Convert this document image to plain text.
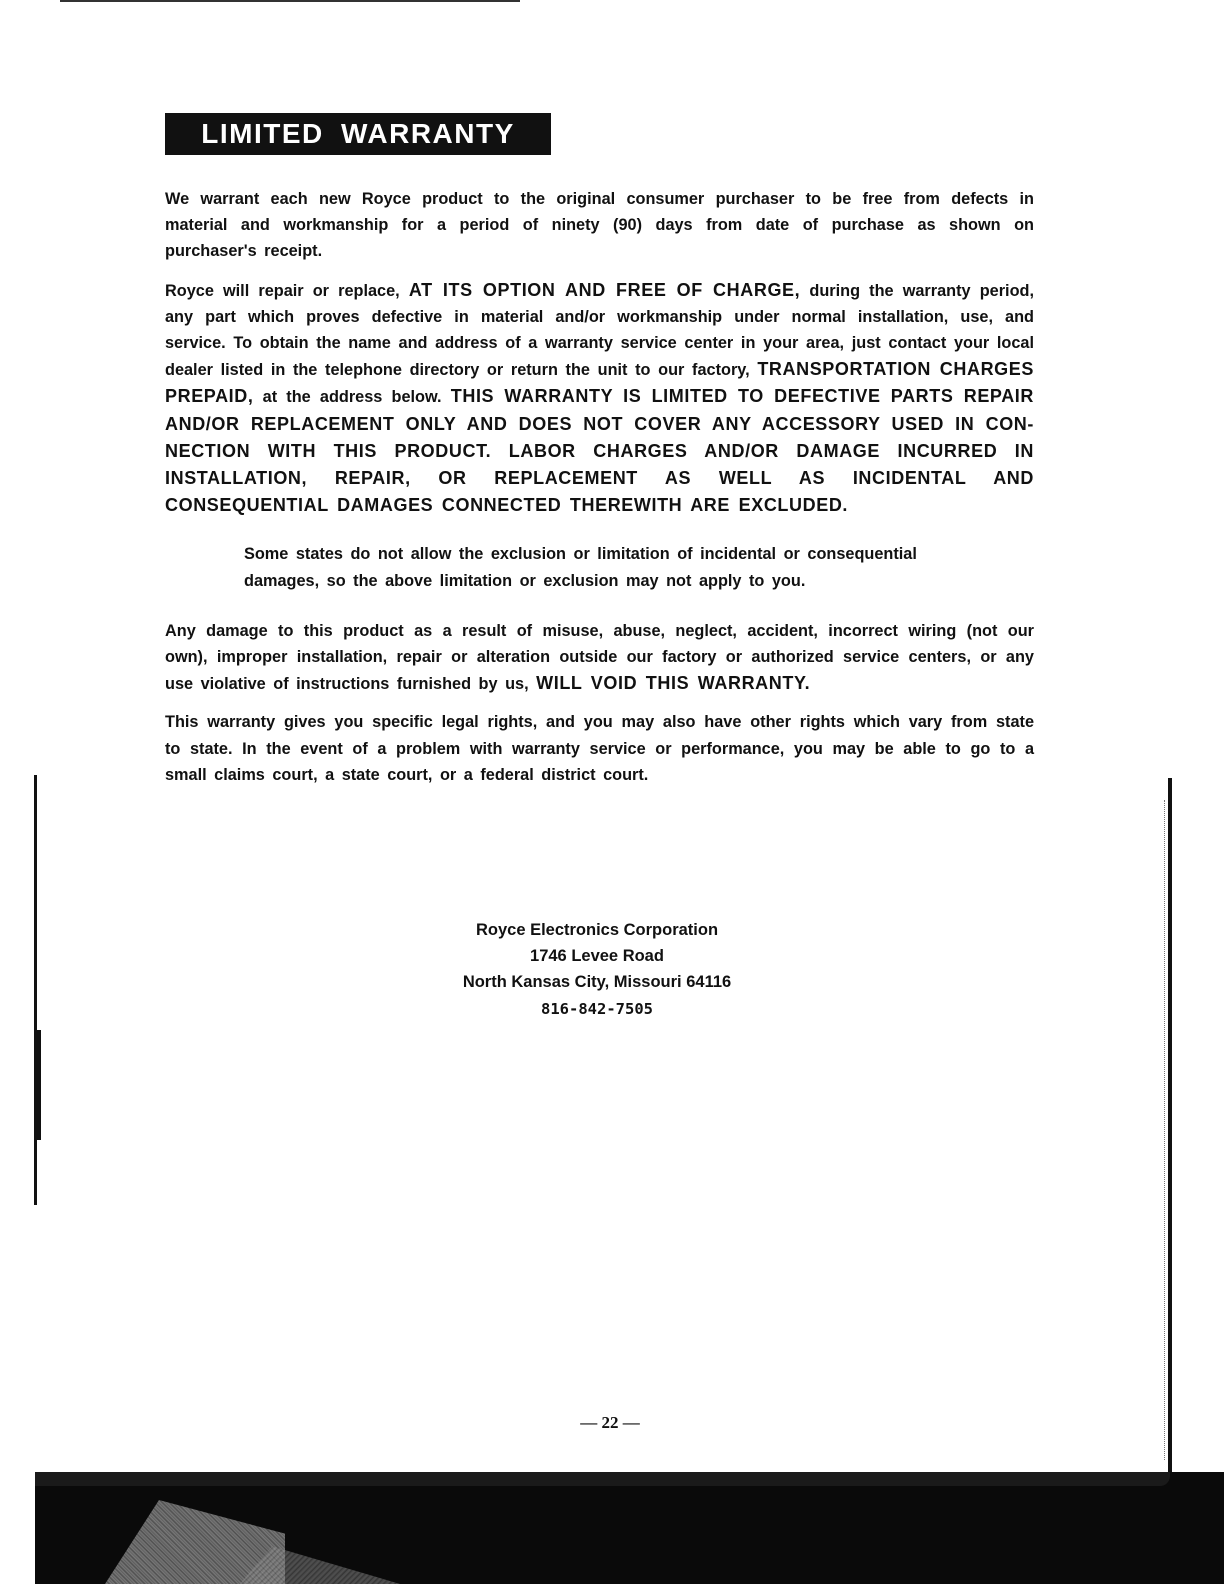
LIMITED WARRANTY

We warrant each new Royce product to the original consumer purchaser to be free from defects in material and workmanship for a period of ninety (90) days from date of purchase as shown on purchaser's receipt.

Royce will repair or replace, AT ITS OPTION AND FREE OF CHARGE, during the warranty period, any part which proves defective in material and/or workmanship under normal installation, use, and service. To obtain the name and address of a warranty service center in your area, just contact your local dealer listed in the telephone directory or return the unit to our factory, TRANSPORTATION CHARGES PREPAID, at the address below. THIS WARRANTY IS LIMITED TO DEFECTIVE PARTS REPAIR AND/OR REPLACEMENT ONLY AND DOES NOT COVER ANY ACCESSORY USED IN CON-NECTION WITH THIS PRODUCT. LABOR CHARGES AND/OR DAMAGE INCURRED IN INSTALLATION, REPAIR, OR REPLACEMENT AS WELL AS INCIDENTAL AND CONSEQUENTIAL DAMAGES CONNECTED THEREWITH ARE EXCLUDED.

Some states do not allow the exclusion or limitation of incidental or consequential damages, so the above limitation or exclusion may not apply to you.

Any damage to this product as a result of misuse, abuse, neglect, accident, incorrect wiring (not our own), improper installation, repair or alteration outside our factory or authorized service centers, or any use violative of instructions furnished by us, WILL VOID THIS WARRANTY.

This warranty gives you specific legal rights, and you may also have other rights which vary from state to state. In the event of a problem with warranty service or performance, you may be able to go to a small claims court, a state court, or a federal district court.

Royce Electronics Corporation
1746 Levee Road
North Kansas City, Missouri 64116
816-842-7505
— 22 —
